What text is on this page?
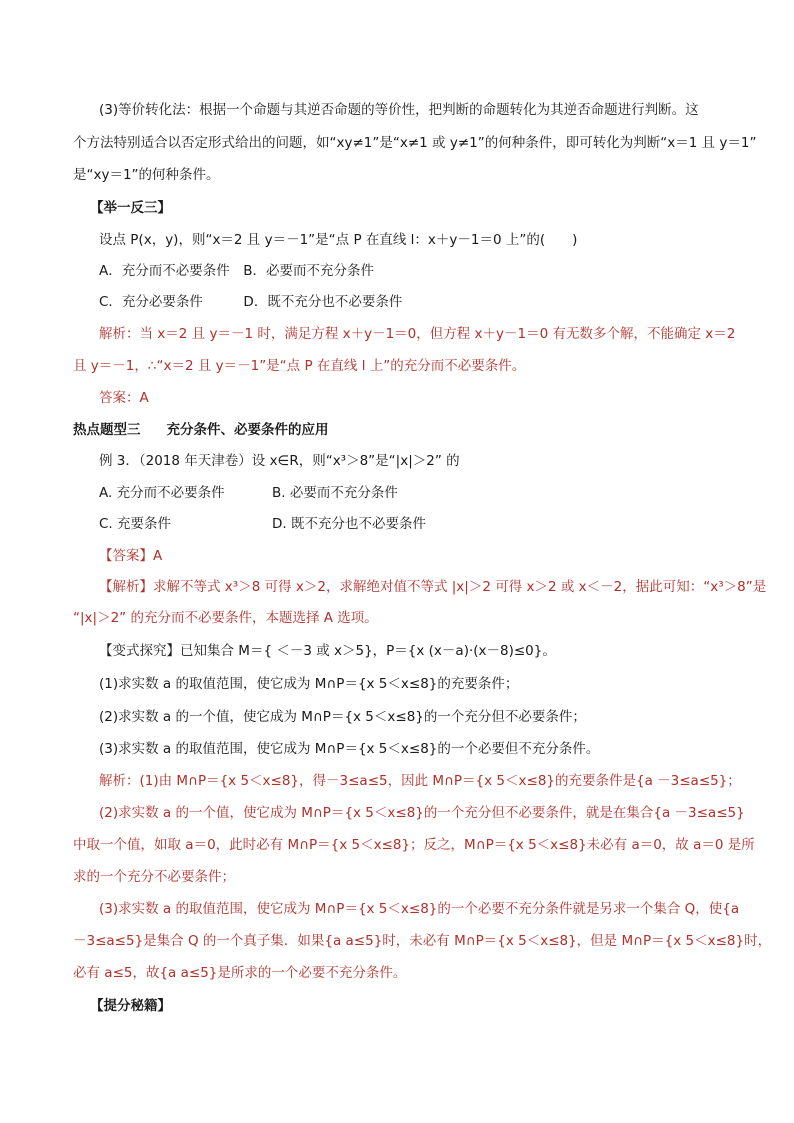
(3)等价转化法：根据一个命题与其逆否命题的等价性，把判断的命题转化为其逆否命题进行判断。这
个方法特别适合以否定形式给出的问题，如“xy≠1”是“x≠1 或 y≠1”的何种条件，即可转化为判断“x＝1 且 y＝1”
是“xy＝1”的何种条件。
【举一反三】
设点 P(x，y)，则“x＝2 且 y＝－1”是“点 P 在直线 l：x＋y－1＝0 上”的(　　)
A．充分而不必要条件　B．必要而不充分条件
C．充分必要条件　　　D．既不充分也不必要条件
解析：当 x＝2 且 y＝－1 时，满足方程 x＋y－1＝0，但方程 x＋y－1＝0 有无数多个解，不能确定 x＝2
且 y＝－1，∴“x＝2 且 y＝－1”是“点 P 在直线 l 上”的充分而不必要条件。
答案：A
热点题型三 充分条件、必要条件的应用
例 3．（2018 年天津卷）设 x∈R，则“x³＞8”是“|x|＞2” 的
A. 充分而不必要条件	B. 必要而不充分条件
C. 充要条件	D. 既不充分也不必要条件
【答案】A
【解析】求解不等式 x³＞8 可得 x＞2，求解绝对值不等式 |x|＞2 可得 x＞2 或 x＜－2，据此可知：“x³＞8”是
“|x|＞2” 的充分而不必要条件，本题选择 A 选项。
【变式探究】已知集合 M＝{ ＜－3 或 x＞5}，P＝{x (x－a)·(x－8)≤0}。
(1)求实数 a 的取值范围，使它成为 M∩P＝{x 5＜x≤8}的充要条件；
(2)求实数 a 的一个值，使它成为 M∩P＝{x 5＜x≤8}的一个充分但不必要条件；
(3)求实数 a 的取值范围，使它成为 M∩P＝{x 5＜x≤8}的一个必要但不充分条件。
解析：(1)由 M∩P＝{x 5＜x≤8}，得－3≤a≤5，因此 M∩P＝{x 5＜x≤8}的充要条件是{a －3≤a≤5}；
(2)求实数 a 的一个值，使它成为 M∩P＝{x 5＜x≤8}的一个充分但不必要条件，就是在集合{a －3≤a≤5}
中取一个值，如取 a＝0，此时必有 M∩P＝{x 5＜x≤8}；反之，M∩P＝{x 5＜x≤8}未必有 a＝0，故 a＝0 是所
求的一个充分不必要条件；
(3)求实数 a 的取值范围，使它成为 M∩P＝{x 5＜x≤8}的一个必要不充分条件就是另求一个集合 Q，使{a
－3≤a≤5}是集合 Q 的一个真子集．如果{a a≤5}时，未必有 M∩P＝{x 5＜x≤8}，但是 M∩P＝{x 5＜x≤8}时，
必有 a≤5，故{a a≤5}是所求的一个必要不充分条件。
【提分秘籍】
